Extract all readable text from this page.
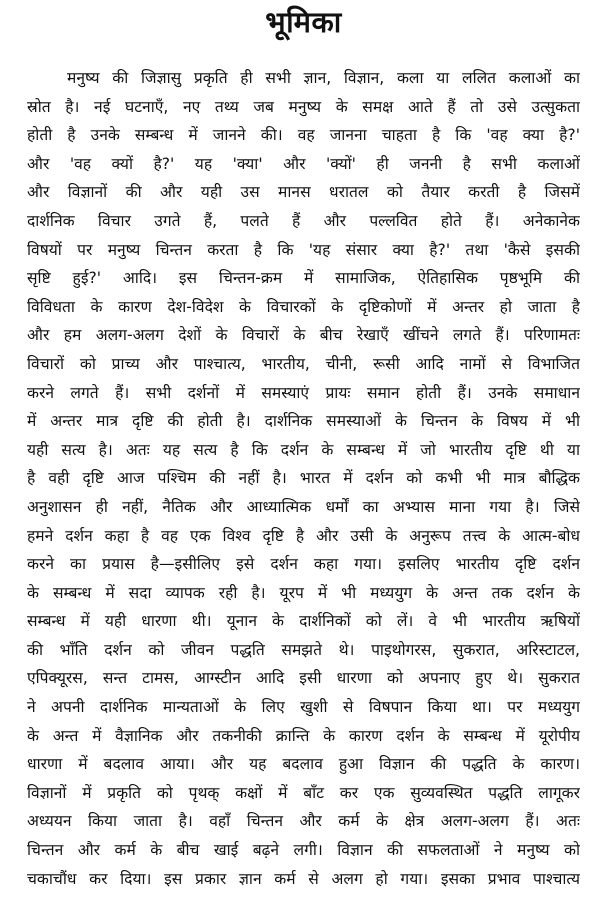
भूमिका
मनुष्य की जिज्ञासु प्रकृति ही सभी ज्ञान, विज्ञान, कला या ललित कलाओं का
स्रोत है। नई घटनाएँ, नए तथ्य जब मनुष्य के समक्ष आते हैं तो उसे उत्सुकता
होती है उनके सम्बन्ध में जानने की। वह जानना चाहता है कि 'वह क्या है?'
और 'वह क्यों है?' यह 'क्या' और 'क्यों' ही जननी है सभी कलाओं
और विज्ञानों की और यही उस मानस धरातल को तैयार करती है जिसमें
दार्शनिक विचार उगते हैं, पलते हैं और पल्लवित होते हैं। अनेकानेक
विषयों पर मनुष्य चिन्तन करता है कि 'यह संसार क्या है?' तथा 'कैसे इसकी
सृष्टि हुई?' आदि। इस चिन्तन-क्रम में सामाजिक, ऐतिहासिक पृष्ठभूमि की
विविधता के कारण देश-विदेश के विचारकों के दृष्टिकोणों में अन्तर हो जाता है
और हम अलग-अलग देशों के विचारों के बीच रेखाएँ खींचने लगते हैं। परिणामतः
विचारों को प्राच्य और पाश्चात्य, भारतीय, चीनी, रूसी आदि नामों से विभाजित
करने लगते हैं। सभी दर्शनों में समस्याएं प्रायः समान होती हैं। उनके समाधान
में अन्तर मात्र दृष्टि की होती है। दार्शनिक समस्याओं के चिन्तन के विषय में भी
यही सत्य है। अतः यह सत्य है कि दर्शन के सम्बन्ध में जो भारतीय दृष्टि थी या
है वही दृष्टि आज पश्चिम की नहीं है। भारत में दर्शन को कभी भी मात्र बौद्धिक
अनुशासन ही नहीं, नैतिक और आध्यात्मिक धर्मों का अभ्यास माना गया है। जिसे
हमने दर्शन कहा है वह एक विश्व दृष्टि है और उसी के अनुरूप तत्त्व के आत्म-बोध
करने का प्रयास है—इसीलिए इसे दर्शन कहा गया। इसलिए भारतीय दृष्टि दर्शन
के सम्बन्ध में सदा व्यापक रही है। यूरप में भी मध्ययुग के अन्त तक दर्शन के
सम्बन्ध में यही धारणा थी। यूनान के दार्शनिकों को लें। वे भी भारतीय ऋषियों
की भाँति दर्शन को जीवन पद्धति समझते थे। पाइथोगरस, सुकरात, अरिस्टाटल,
एपिक्यूरस, सन्त टामस, आग्स्टीन आदि इसी धारणा को अपनाए हुए थे। सुकरात
ने अपनी दार्शनिक मान्यताओं के लिए खुशी से विषपान किया था। पर मध्ययुग
के अन्त में वैज्ञानिक और तकनीकी क्रान्ति के कारण दर्शन के सम्बन्ध में यूरोपीय
धारणा में बदलाव आया। और यह बदलाव हुआ विज्ञान की पद्धति के कारण।
विज्ञानों में प्रकृति को पृथक् कक्षों में बाँट कर एक सुव्यवस्थित पद्धति लागूकर
अध्ययन किया जाता है। वहाँ चिन्तन और कर्म के क्षेत्र अलग-अलग हैं। अतः
चिन्तन और कर्म के बीच खाई बढ़ने लगी। विज्ञान की सफलताओं ने मनुष्य को
चकाचौंध कर दिया। इस प्रकार ज्ञान कर्म से अलग हो गया। इसका प्रभाव पाश्चात्य
